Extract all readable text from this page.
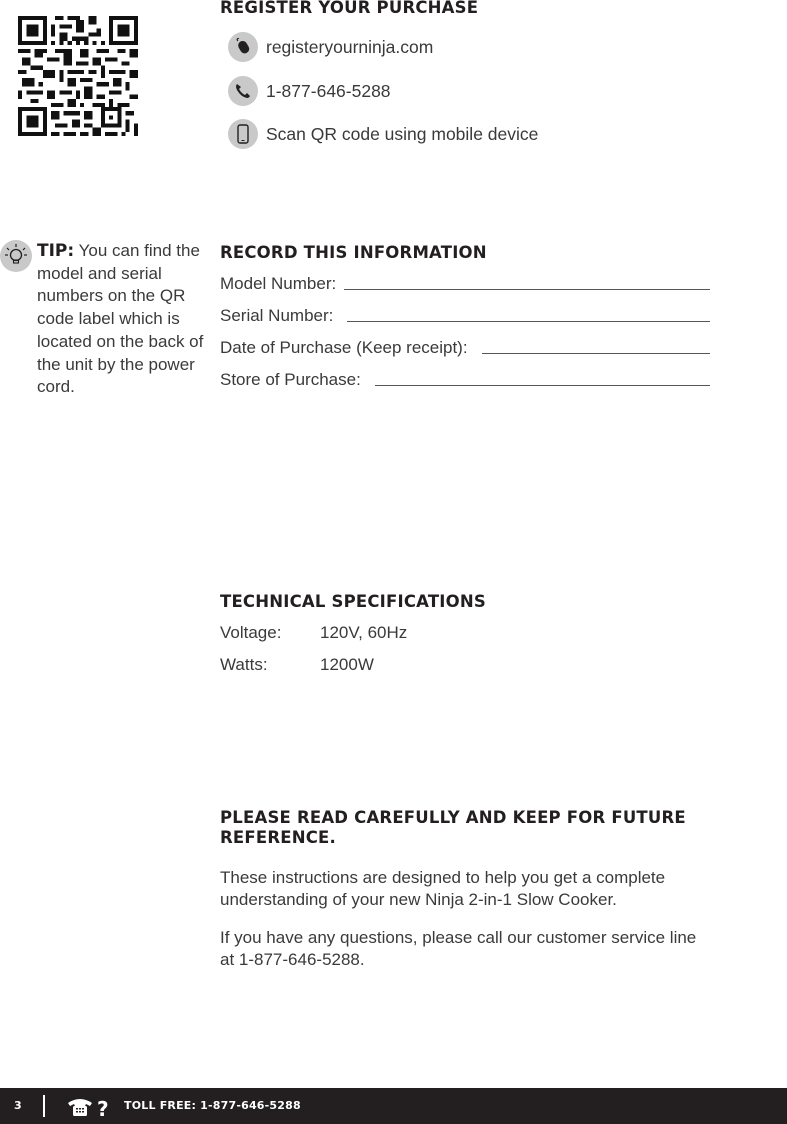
REGISTER YOUR PURCHASE
registeryourninja.com
1-877-646-5288
Scan QR code using mobile device
TIP: You can find the model and serial numbers on the QR code label which is located on the back of the unit by the power cord.
RECORD THIS INFORMATION
Model Number:
Serial Number:
Date of Purchase (Keep receipt):
Store of Purchase:
TECHNICAL SPECIFICATIONS
Voltage:	120V, 60Hz
Watts:	1200W
PLEASE READ CAREFULLY AND KEEP FOR FUTURE REFERENCE.
These instructions are designed to help you get a complete understanding of your new Ninja 2-in-1 Slow Cooker.
If you have any questions, please call our customer service line at 1-877-646-5288.
3	? TOLL FREE: 1-877-646-5288
